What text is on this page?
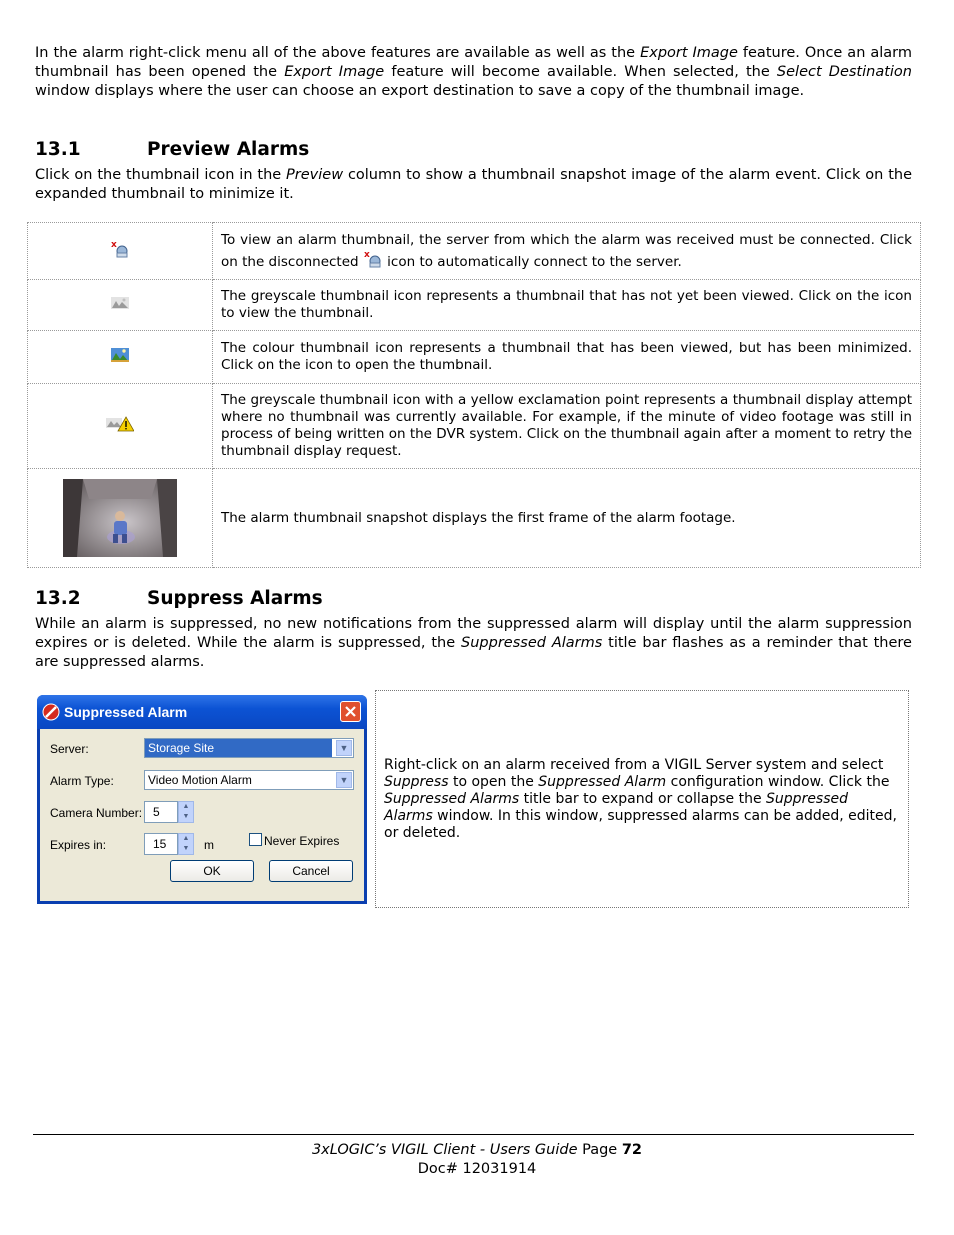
In the alarm right-click menu all of the above features are available as well as the Export Image feature. Once an alarm thumbnail has been opened the Export Image feature will become available. When selected, the Select Destination window displays where the user can choose an export destination to save a copy of the thumbnail image.
13.1	Preview Alarms
Click on the thumbnail icon in the Preview column to show a thumbnail snapshot image of the alarm event. Click on the expanded thumbnail to minimize it.
x	To view an alarm thumbnail, the server from which the alarm was received must be connected. Click on the disconnected x icon to automatically connect to the server.
	The greyscale thumbnail icon represents a thumbnail that has not yet been viewed. Click on the icon to view the thumbnail.
	The colour thumbnail icon represents a thumbnail that has been viewed, but has been minimized. Click on the icon to open the thumbnail.
	The greyscale thumbnail icon with a yellow exclamation point represents a thumbnail display attempt where no thumbnail was currently available. For example, if the minute of video footage was still in process of being written on the DVR system. Click on the thumbnail again after a moment to retry the thumbnail display request.
	The alarm thumbnail snapshot displays the first frame of the alarm footage.
13.2	Suppress Alarms
While an alarm is suppressed, no new notifications from the suppressed alarm will display until the alarm suppression expires or is deleted. While the alarm is suppressed, the Suppressed Alarms title bar flashes as a reminder that there are suppressed alarms.
Suppressed Alarm
Server:	Storage Site	▼
Alarm Type:	Video Motion Alarm	▼
Camera Number: 5	▲
▼
Expires in:	15	▲
▼	m	Never Expires
OK	Cancel
Right-click on an alarm received from a VIGIL Server system and select Suppress to open the Suppressed Alarm configuration window. Click the Suppressed Alarms title bar to expand or collapse the Suppressed Alarms window. In this window, suppressed alarms can be added, edited, or deleted.
3xLOGIC’s VIGIL Client - Users Guide Page 72
Doc# 12031914
